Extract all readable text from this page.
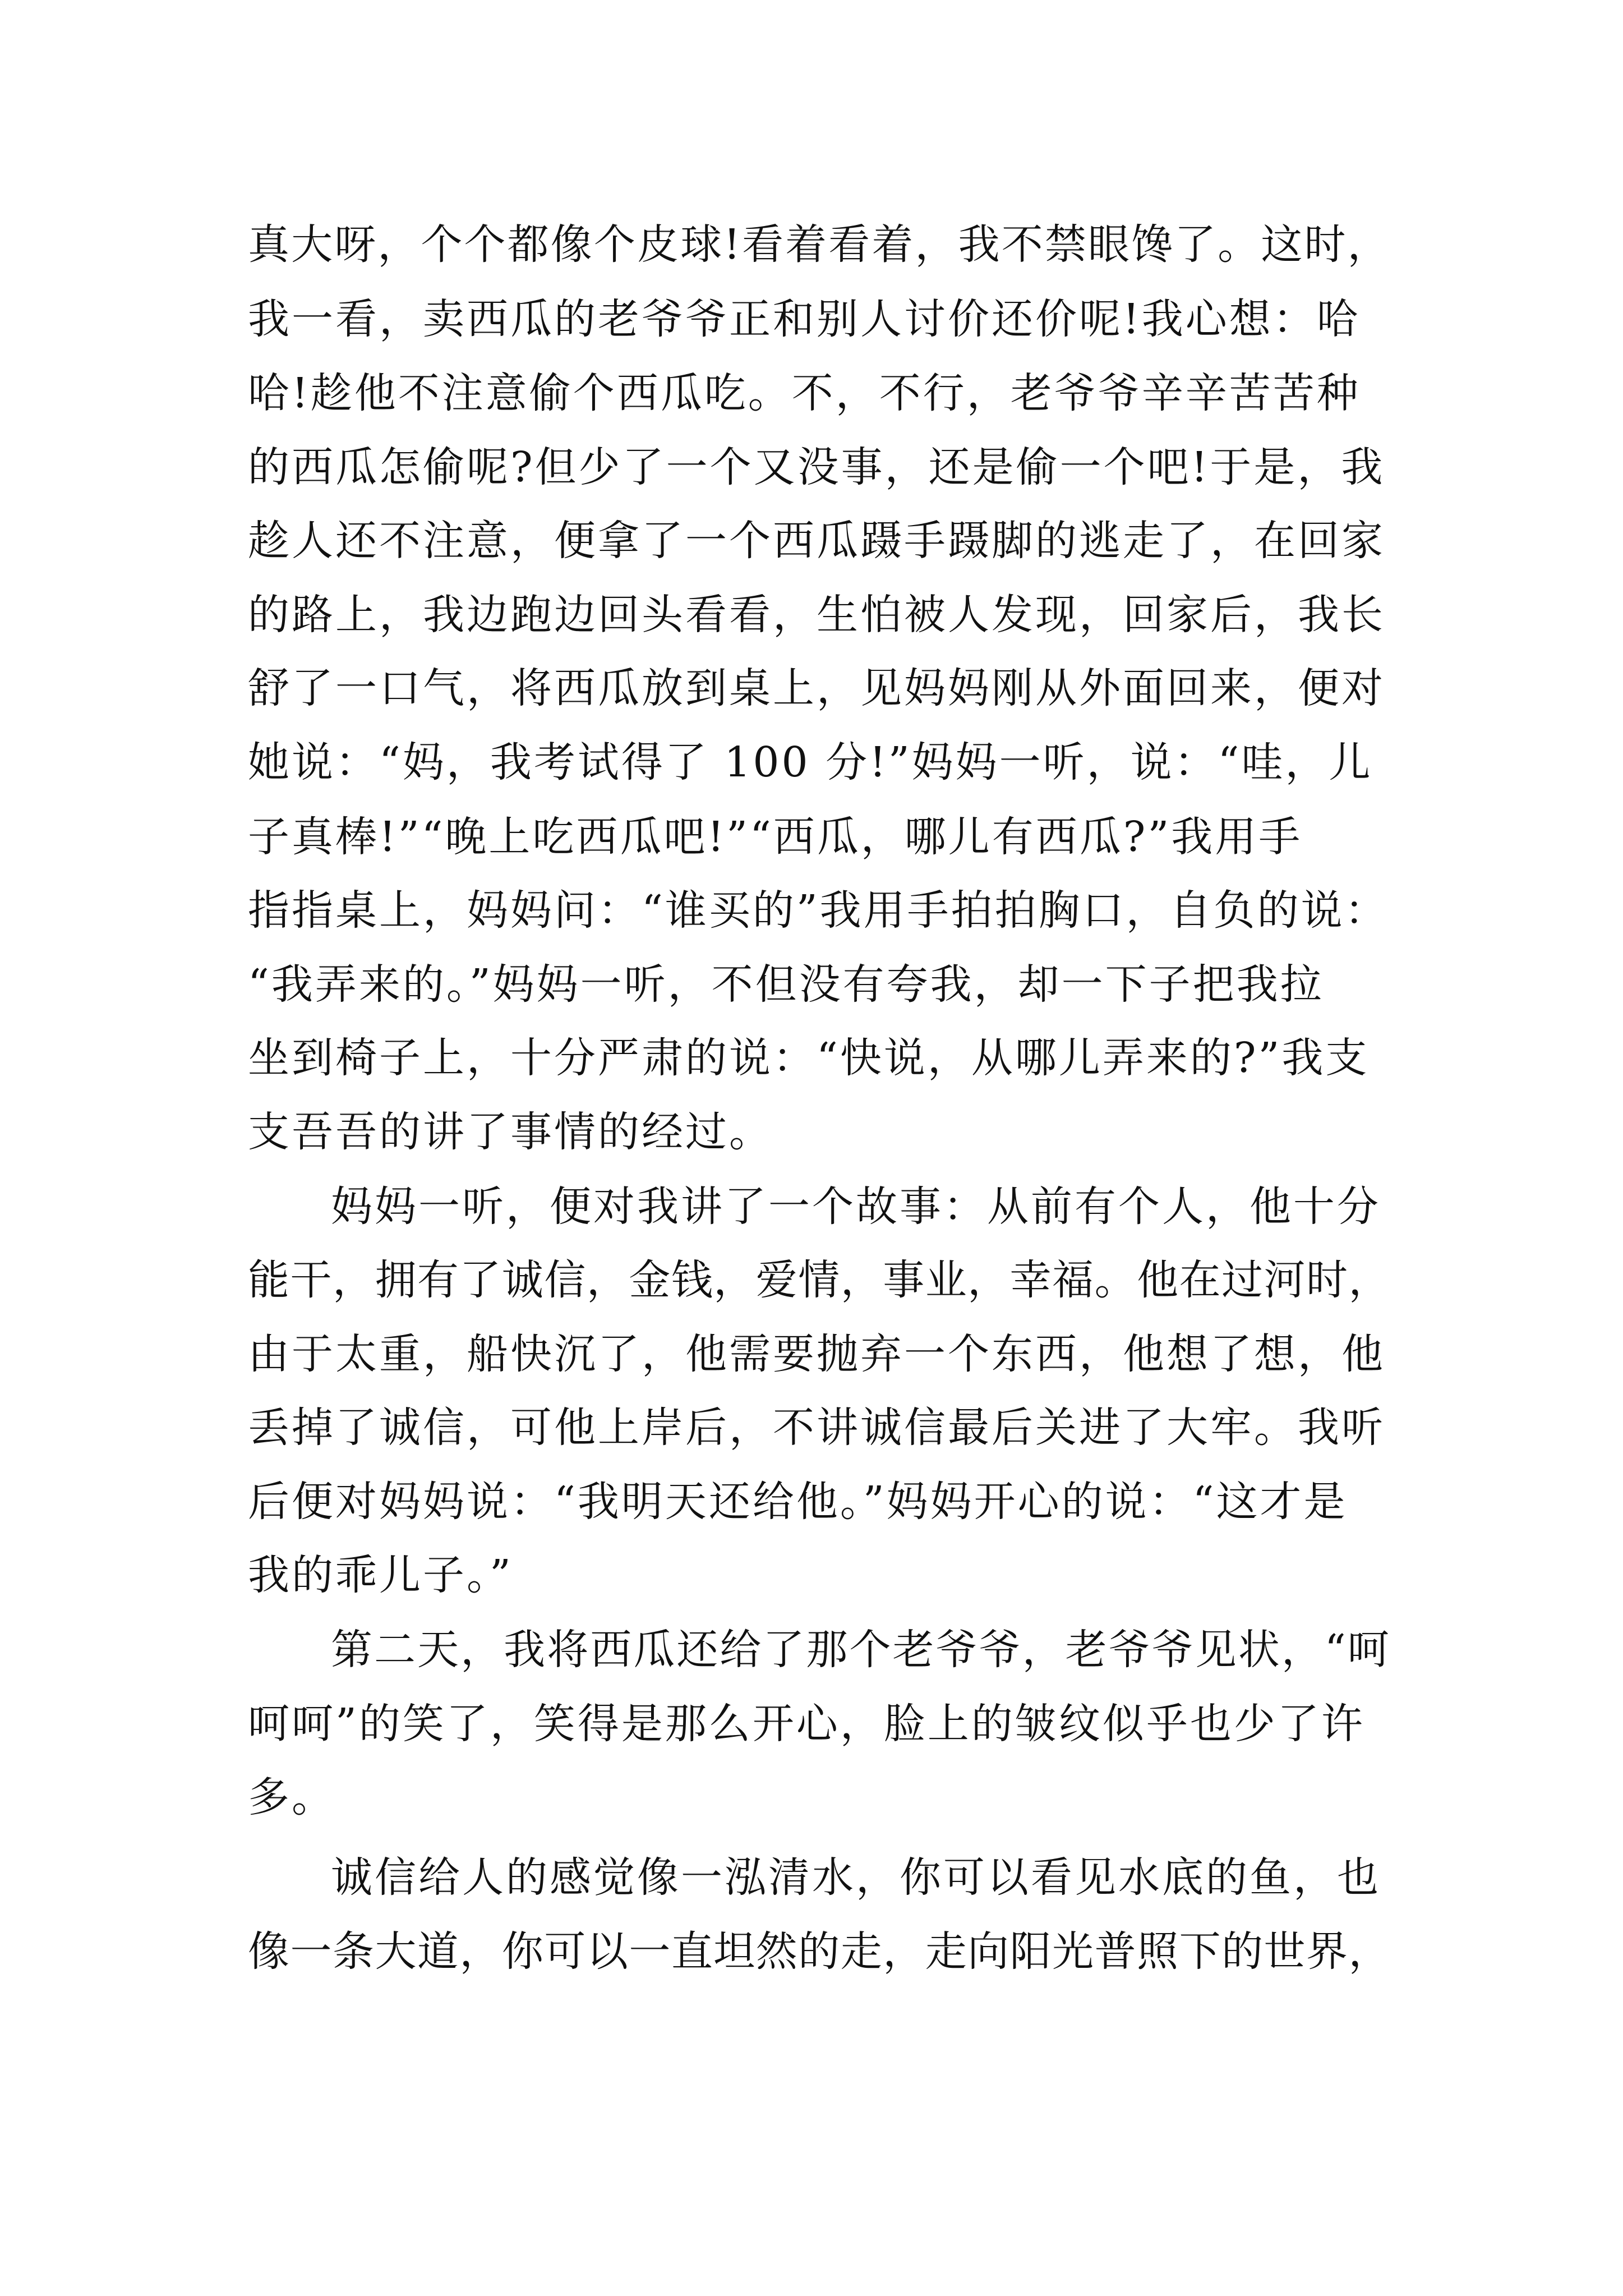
真大呀，个个都像个皮球!看着看着，我不禁眼馋了。这时，
我一看，卖西瓜的老爷爷正和别人讨价还价呢!我心想：哈
哈!趁他不注意偷个西瓜吃。不，不行，老爷爷辛辛苦苦种
的西瓜怎偷呢?但少了一个又没事，还是偷一个吧!于是，我
趁人还不注意，便拿了一个西瓜蹑手蹑脚的逃走了，在回家
的路上，我边跑边回头看看，生怕被人发现，回家后，我长
舒了一口气，将西瓜放到桌上，见妈妈刚从外面回来，便对
她说：“妈，我考试得了 100 分!”妈妈一听，说：“哇，儿
子真棒!”“晚上吃西瓜吧!”“西瓜，哪儿有西瓜?”我用手
指指桌上，妈妈问：“谁买的”我用手拍拍胸口，自负的说：
“我弄来的。”妈妈一听，不但没有夸我，却一下子把我拉
坐到椅子上，十分严肃的说：“快说，从哪儿弄来的?”我支
支吾吾的讲了事情的经过。
妈妈一听，便对我讲了一个故事：从前有个人，他十分
能干，拥有了诚信，金钱，爱情，事业，幸福。他在过河时，
由于太重，船快沉了，他需要抛弃一个东西，他想了想，他
丢掉了诚信，可他上岸后，不讲诚信最后关进了大牢。我听
后便对妈妈说：“我明天还给他。”妈妈开心的说：“这才是
我的乖儿子。”
第二天，我将西瓜还给了那个老爷爷，老爷爷见状，“呵
呵呵”的笑了，笑得是那么开心，脸上的皱纹似乎也少了许
多。
诚信给人的感觉像一泓清水，你可以看见水底的鱼，也
像一条大道，你可以一直坦然的走，走向阳光普照下的世界，
